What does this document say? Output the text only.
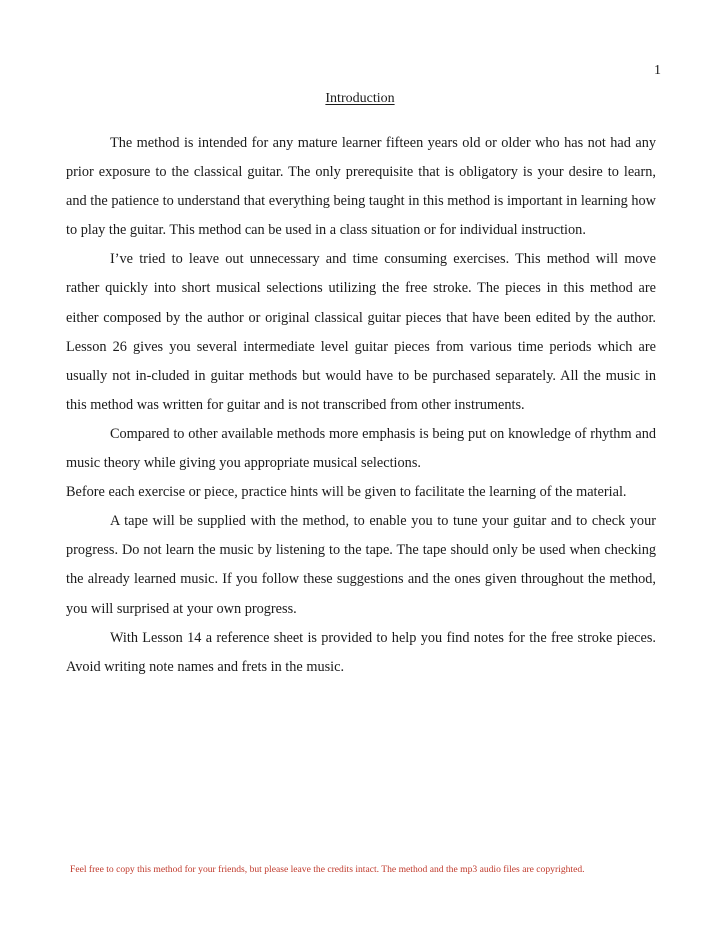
1
Introduction

The method is intended for any mature learner fifteen years old or older who has not had any prior exposure to the classical guitar. The only prerequisite that is obligatory is your desire to learn, and the patience to understand that everything being taught in this method is important in learning how to play the guitar. This method can be used in a class situation or for individual instruction.

I’ve tried to leave out unnecessary and time consuming exercises. This method will move rather quickly into short musical selections utilizing the free stroke. The pieces in this method are either composed by the author or original classical guitar pieces that have been edited by the author. Lesson 26 gives you several intermediate level guitar pieces from various time periods which are usually not in-cluded in guitar methods but would have to be purchased separately. All the music in this method was written for guitar and is not transcribed from other instruments.

Compared to other available methods more emphasis is being put on knowledge of rhythm and music theory while giving you appropriate musical selections.

Before each exercise or piece, practice hints will be given to facilitate the learning of the material.

A tape will be supplied with the method, to enable you to tune your guitar and to check your progress. Do not learn the music by listening to the tape. The tape should only be used when checking the already learned music. If you follow these suggestions and the ones given throughout the method, you will surprised at your own progress.

With Lesson 14 a reference sheet is provided to help you find notes for the free stroke pieces. Avoid writing note names and frets in the music.

Feel free to copy this method for your friends, but please leave the credits intact. The method and the mp3 audio files are copyrighted.
